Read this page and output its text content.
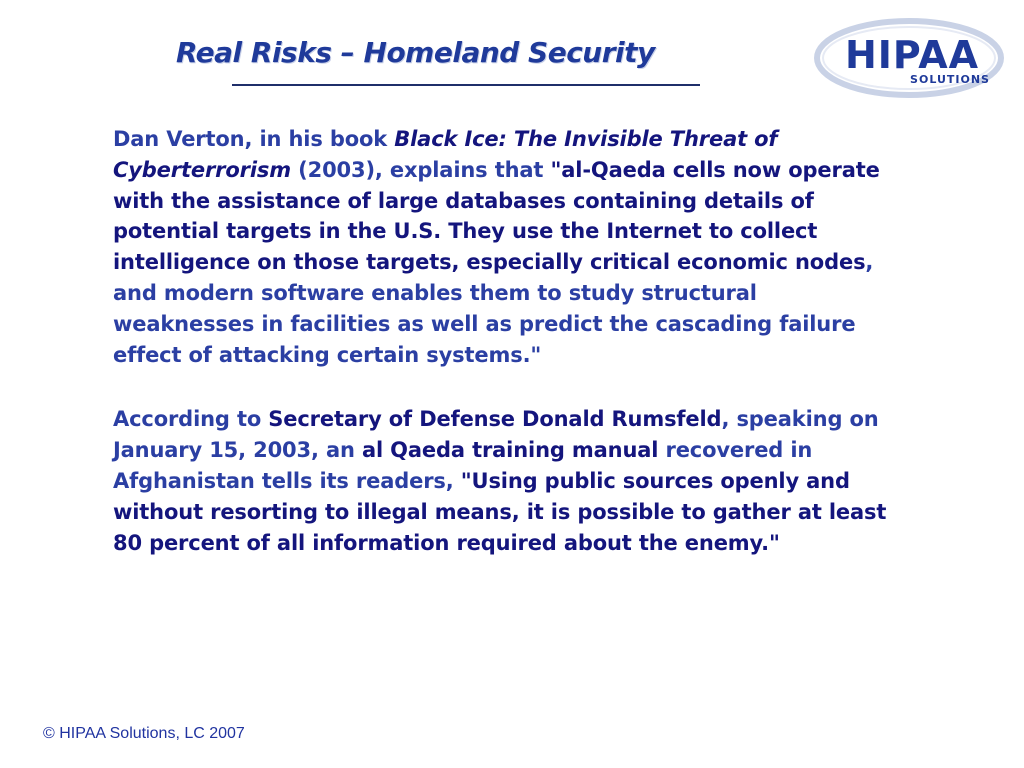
Real Risks – Homeland Security	HIPAA
SOLUTIONS

Dan Verton, in his book Black Ice: The Invisible Threat of Cyberterrorism (2003), explains that "al-Qaeda cells now operate with the assistance of large databases containing details of potential targets in the U.S. They use the Internet to collect intelligence on those targets, especially critical economic nodes, and modern software enables them to study structural weaknesses in facilities as well as predict the cascading failure effect of attacking certain systems."

According to Secretary of Defense Donald Rumsfeld, speaking on January 15, 2003, an al Qaeda training manual recovered in Afghanistan tells its readers, "Using public sources openly and without resorting to illegal means, it is possible to gather at least 80 percent of all information required about the enemy."

© HIPAA Solutions, LC 2007
